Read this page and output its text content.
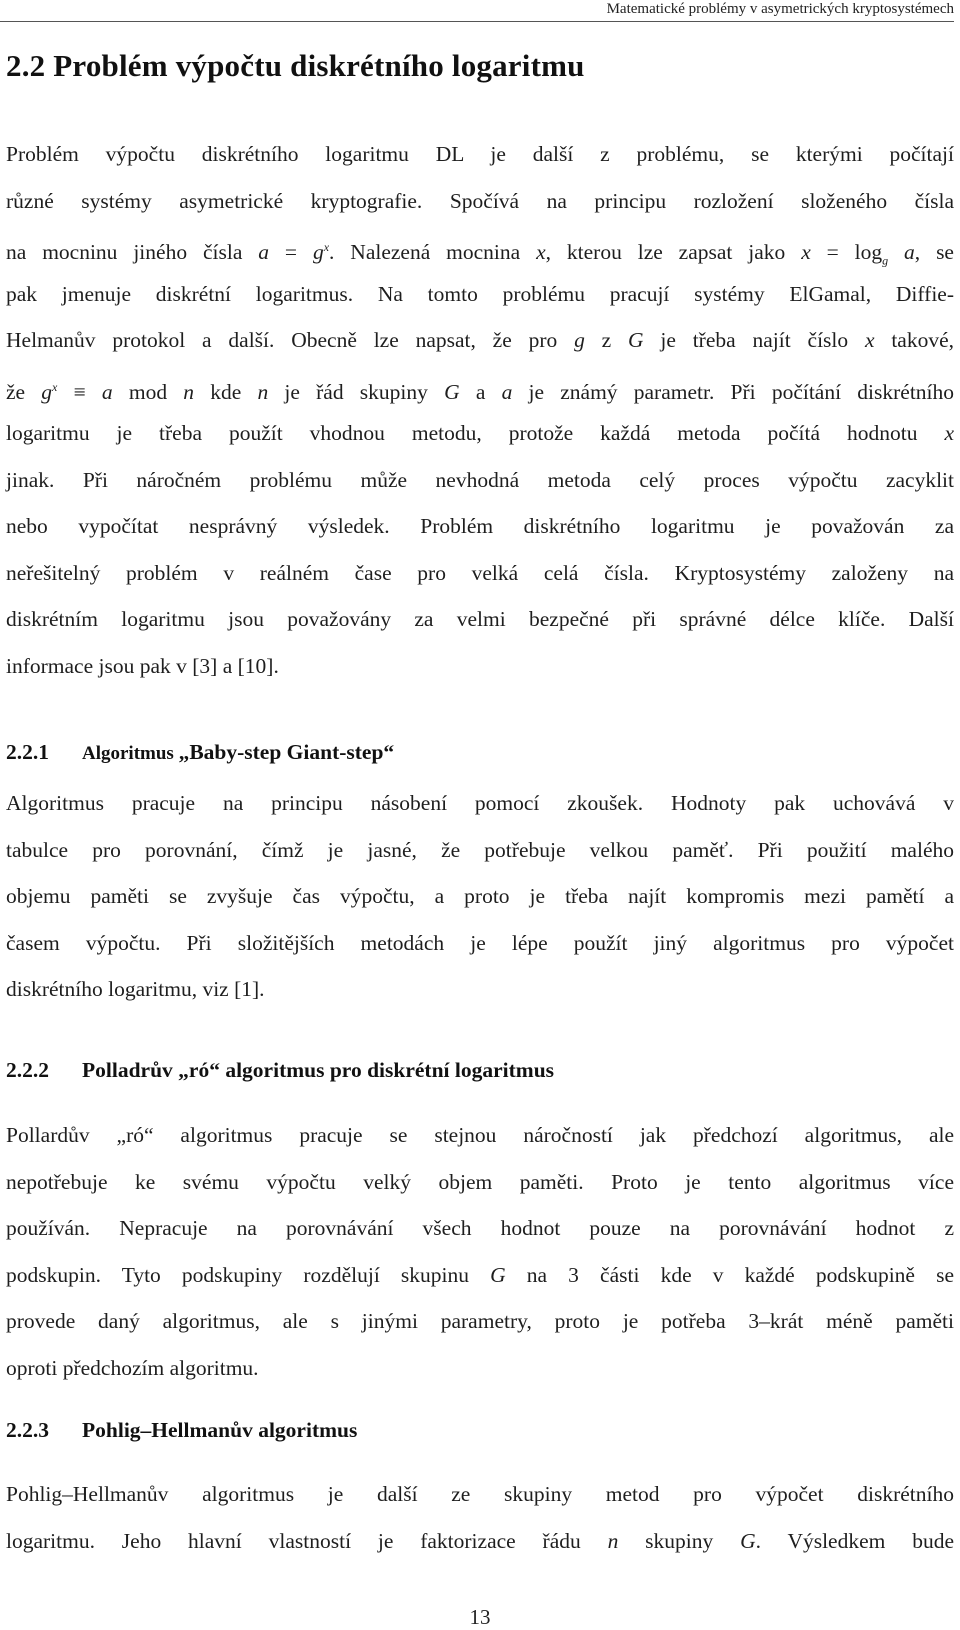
Matematické problémy v asymetrických kryptosystémech
2.2 Problém výpočtu diskrétního logaritmu
Problém výpočtu diskrétního logaritmu DL je další z problému, se kterými počítají
různé systémy asymetrické kryptografie. Spočívá na principu rozložení složeného čísla
na mocninu jiného čísla $a = g^x$. Nalezená mocnina x, kterou lze zapsat jako $x = \log_g a$, se
pak jmenuje diskrétní logaritmus. Na tomto problému pracují systémy ElGamal, Diffie-
Helmanův protokol a další. Obecně lze napsat, že pro g z G je třeba najít číslo x takové,
že $g^x \equiv a$ mod n kde n je řád skupiny G a a je známý parametr. Při počítání diskrétního
logaritmu je třeba použít vhodnou metodu, protože každá metoda počítá hodnotu x
jinak. Při náročném problému může nevhodná metoda celý proces výpočtu zacyklit
nebo vypočítat nesprávný výsledek. Problém diskrétního logaritmu je považován za
neřešitelný problém v reálném čase pro velká celá čísla. Kryptosystémy založeny na
diskrétním logaritmu jsou považovány za velmi bezpečné při správné délce klíče. Další
informace jsou pak v [3] a [10].
2.2.1 Algoritmus „Baby-step Giant-step“
Algoritmus pracuje na principu násobení pomocí zkoušek. Hodnoty pak uchovává v
tabulce pro porovnání, čímž je jasné, že potřebuje velkou paměť. Při použití malého
objemu paměti se zvyšuje čas výpočtu, a proto je třeba najít kompromis mezi pamětí a
časem výpočtu. Při složitějších metodách je lépe použít jiný algoritmus pro výpočet
diskrétního logaritmu, viz [1].
2.2.2 Polladrův „ró“ algoritmus pro diskrétní logaritmus
Pollardův „ró“ algoritmus pracuje se stejnou náročností jak předchozí algoritmus, ale
nepotřebuje ke svému výpočtu velký objem paměti. Proto je tento algoritmus více
používán. Nepracuje na porovnávání všech hodnot pouze na porovnávání hodnot z
podskupin. Tyto podskupiny rozdělují skupinu G na 3 části kde v každé podskupině se
provede daný algoritmus, ale s jinými parametry, proto je potřeba 3–krát méně paměti
oproti předchozím algoritmu.
2.2.3 Pohlig–Hellmanův algoritmus
Pohlig–Hellmanův algoritmus je další ze skupiny metod pro výpočet diskrétního
logaritmu. Jeho hlavní vlastností je faktorizace řádu n skupiny G. Výsledkem bude
13
